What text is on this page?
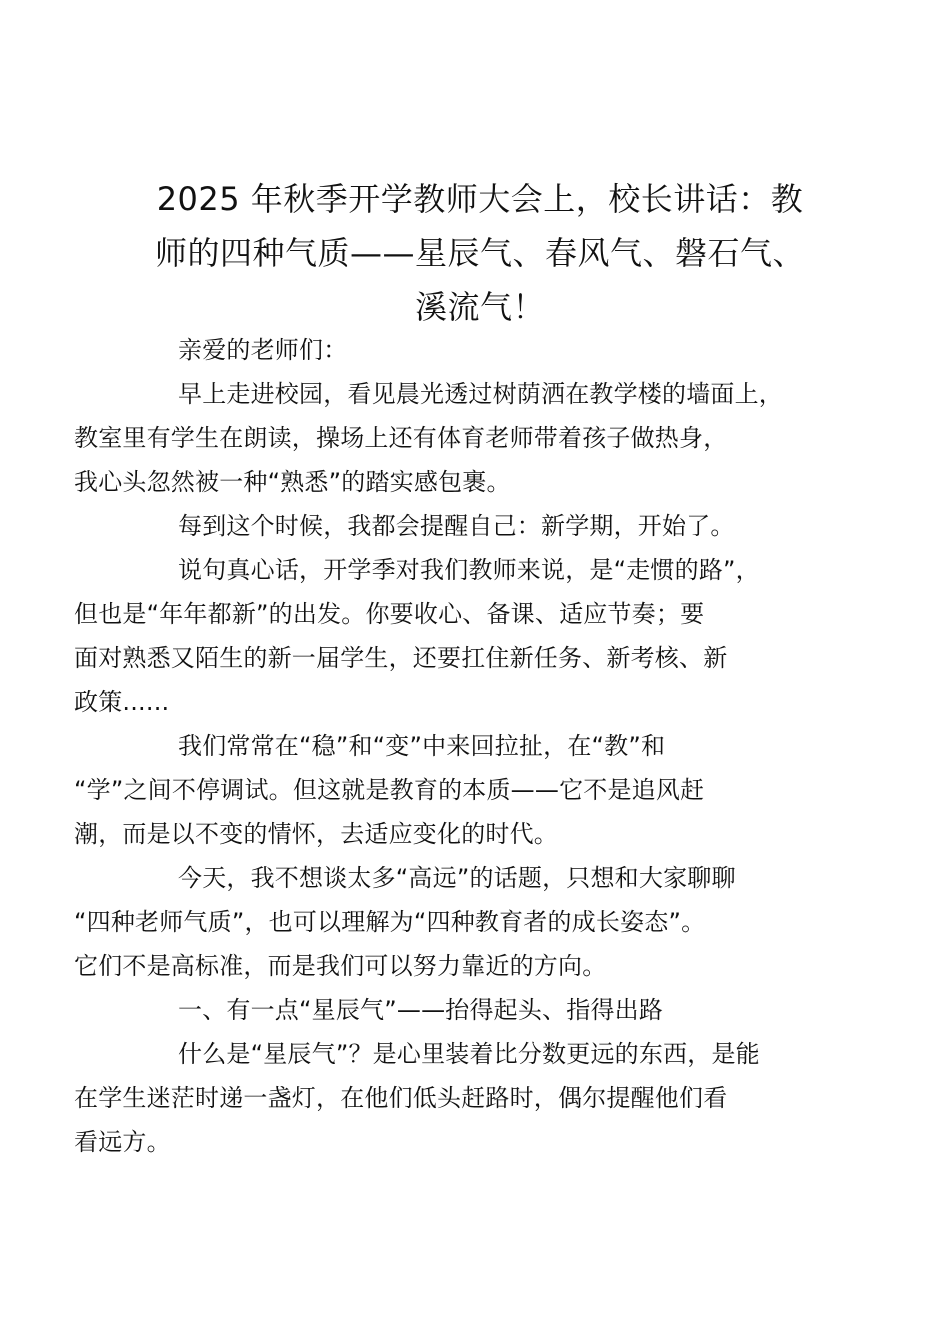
2025 年秋季开学教师大会上，校长讲话：教
师的四种气质——星辰气、春风气、磐石气、
溪流气！

亲爱的老师们：

早上走进校园，看见晨光透过树荫洒在教学楼的墙面上，
教室里有学生在朗读，操场上还有体育老师带着孩子做热身，
我心头忽然被一种“熟悉”的踏实感包裹。

每到这个时候，我都会提醒自己：新学期，开始了。

说句真心话，开学季对我们教师来说，是“走惯的路”，
但也是“年年都新”的出发。你要收心、备课、适应节奏；要
面对熟悉又陌生的新一届学生，还要扛住新任务、新考核、新
政策......

我们常常在“稳”和“变”中来回拉扯，在“教”和
“学”之间不停调试。但这就是教育的本质——它不是追风赶
潮，而是以不变的情怀，去适应变化的时代。

今天，我不想谈太多“高远”的话题，只想和大家聊聊
“四种老师气质”，也可以理解为“四种教育者的成长姿态”。
它们不是高标准，而是我们可以努力靠近的方向。

一、有一点“星辰气”——抬得起头、指得出路

什么是“星辰气”？是心里装着比分数更远的东西，是能
在学生迷茫时递一盏灯，在他们低头赶路时，偶尔提醒他们看
看远方。
